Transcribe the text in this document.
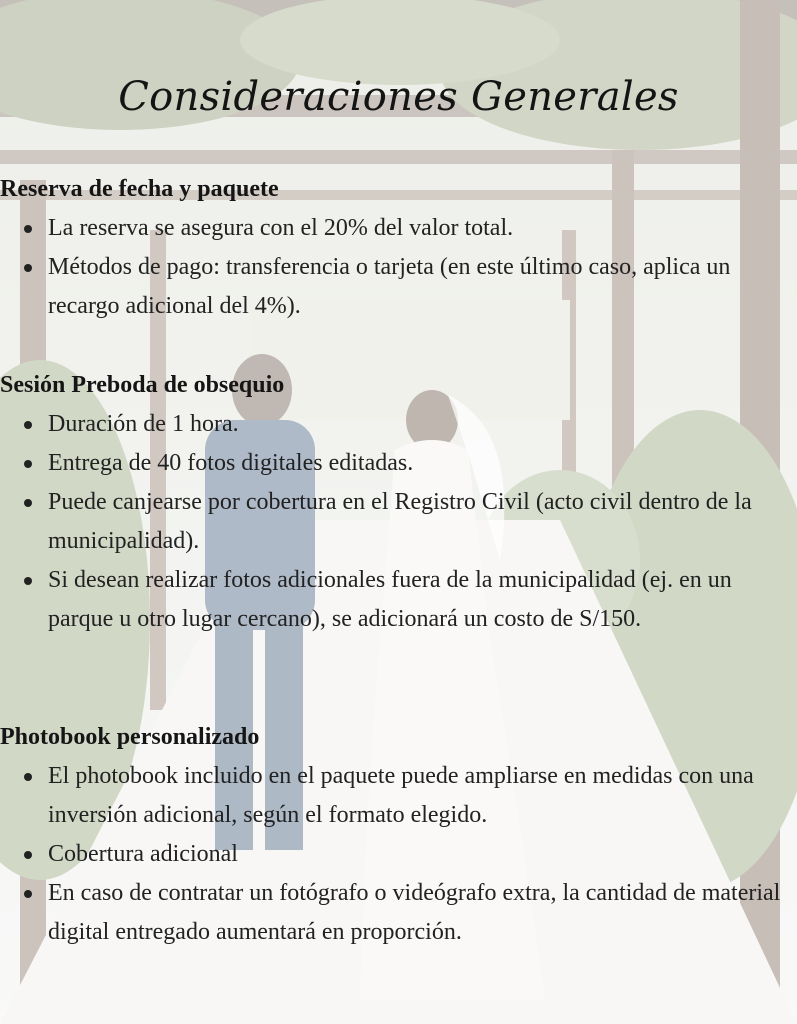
Consideraciones Generales
Reserva de fecha y paquete
La reserva se asegura con el 20% del valor total.
Métodos de pago: transferencia o tarjeta (en este último caso, aplica un recargo adicional del 4%).
Sesión Preboda de obsequio
Duración de 1 hora.
Entrega de 40 fotos digitales editadas.
Puede canjearse por cobertura en el Registro Civil (acto civil dentro de la municipalidad).
Si desean realizar fotos adicionales fuera de la municipalidad (ej. en un parque u otro lugar cercano), se adicionará un costo de S/150.
Photobook personalizado
El photobook incluido en el paquete puede ampliarse en medidas con una inversión adicional, según el formato elegido.
Cobertura adicional
En caso de contratar un fotógrafo o videógrafo extra, la cantidad de material digital entregado aumentará en proporción.
